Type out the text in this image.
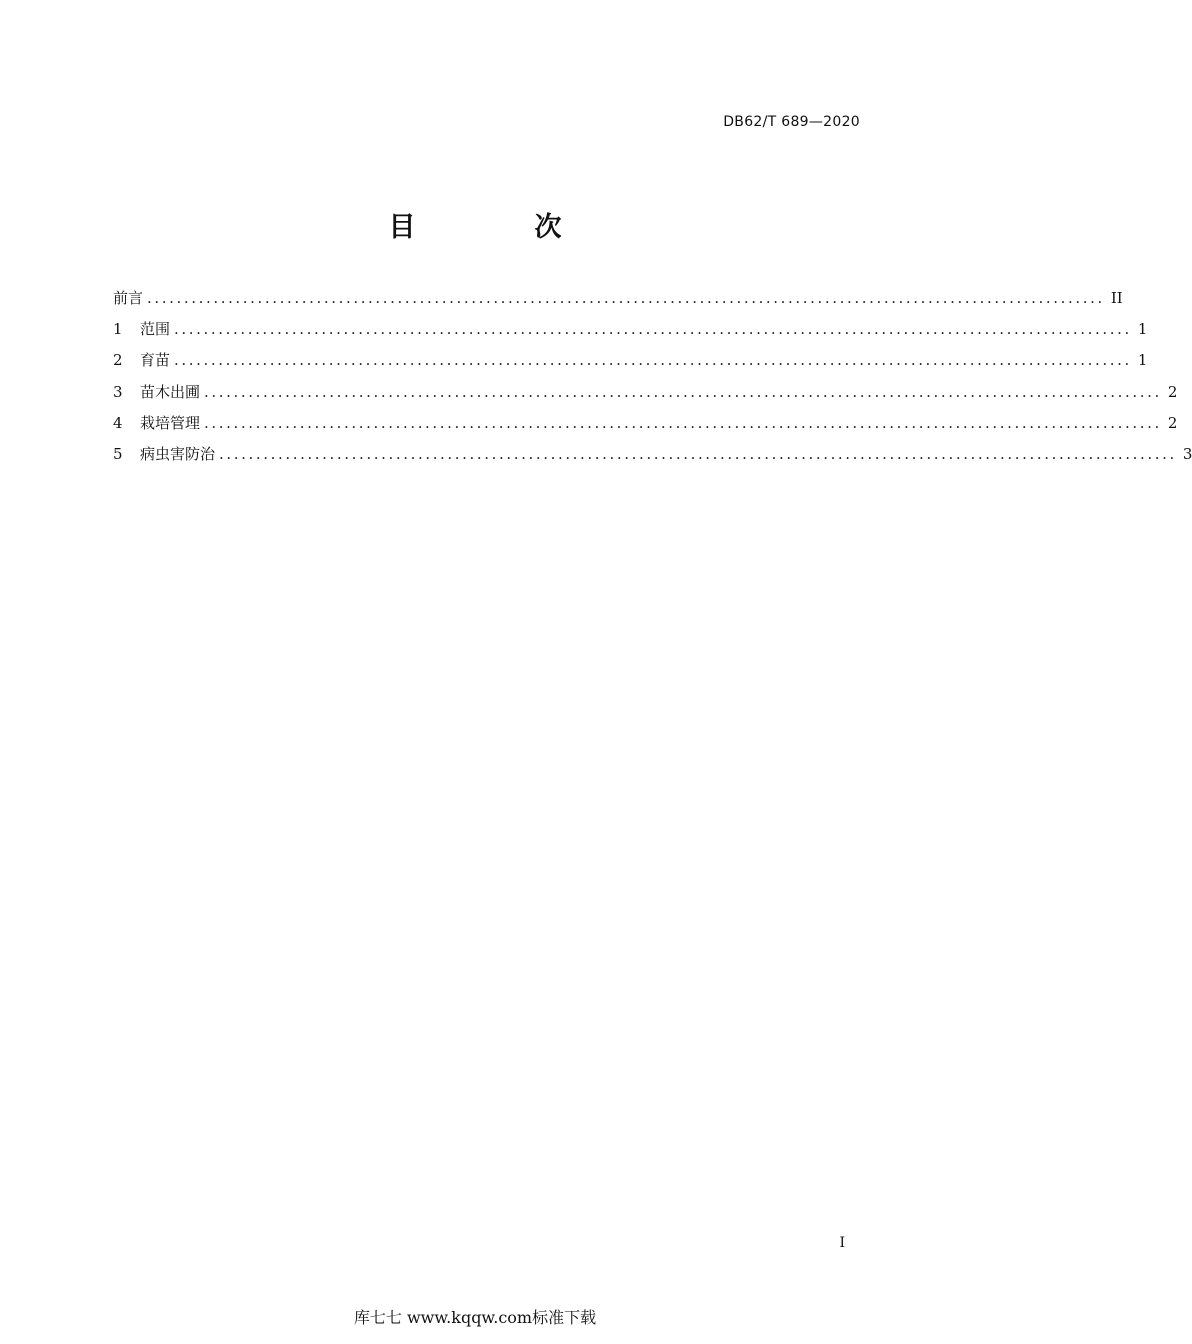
DB62/T 689—2020
目　次
前言 .................................................................................................................................. II
1	范围 .................................................................................................................................. 1
2	育苗 .................................................................................................................................. 1
3	苗木出圃 .................................................................................................................................. 2
4	栽培管理 .................................................................................................................................. 2
5	病虫害防治 .................................................................................................................................. 3
I
库七七 www.kqqw.com标准下载
